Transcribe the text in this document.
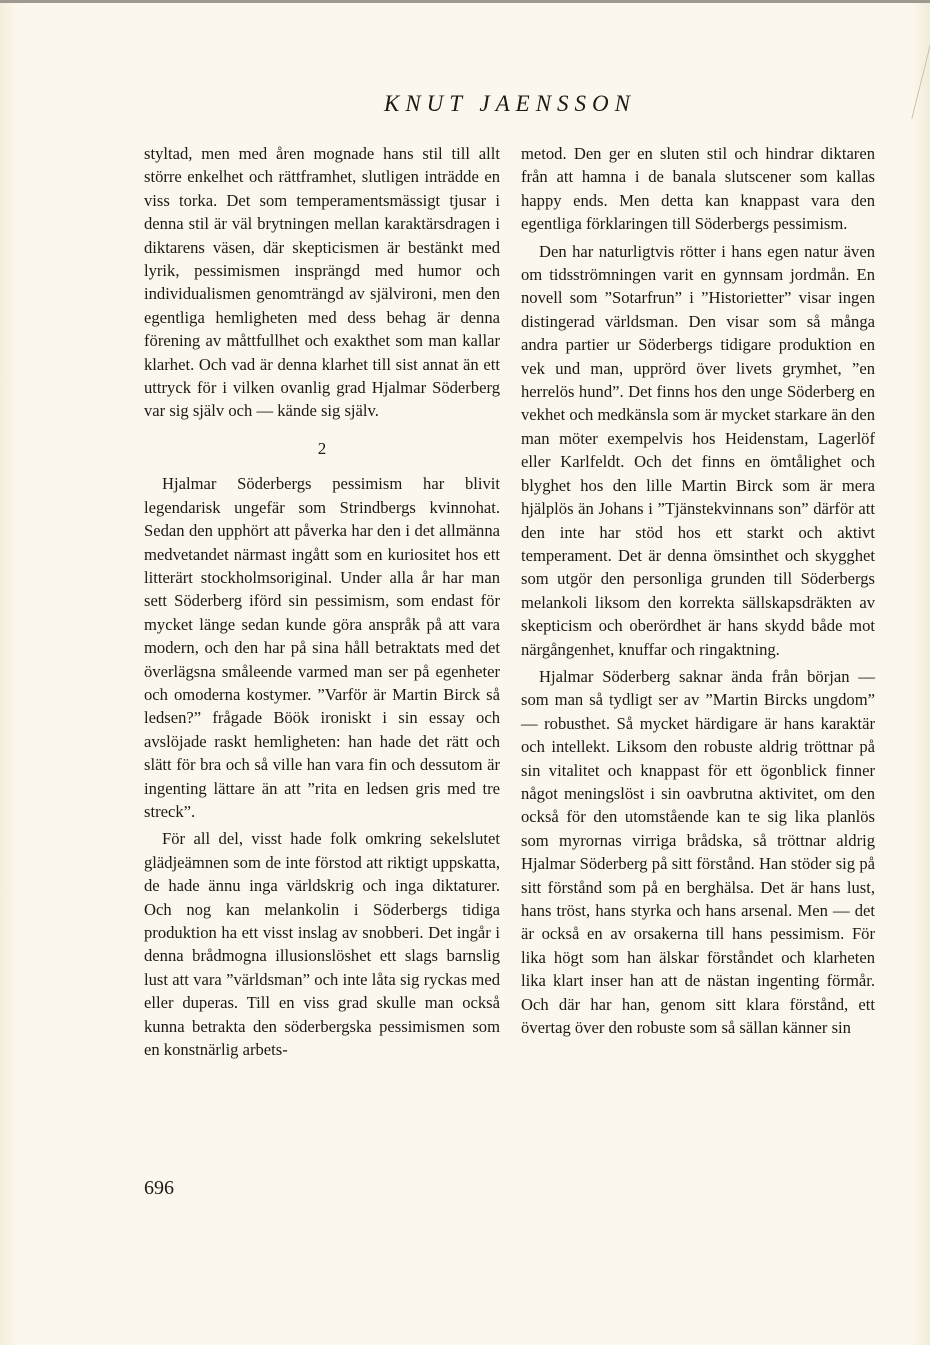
KNUT JAENSSON

styltad, men med åren mognade hans stil till allt större enkelhet och rättframhet, slutligen inträdde en viss torka. Det som temperamentsmässigt tjusar i denna stil är väl brytningen mellan karaktärsdragen i diktarens väsen, där skepticismen är bestänkt med lyrik, pessimismen insprängd med humor och individualismen genomträngd av självironi, men den egentliga hemligheten med dess behag är denna förening av måttfullhet och exakthet som man kallar klarhet. Och vad är denna klarhet till sist annat än ett uttryck för i vilken ovanlig grad Hjalmar Söderberg var sig själv och — kände sig själv.

2

Hjalmar Söderbergs pessimism har blivit legendarisk ungefär som Strindbergs kvinnohat. Sedan den upphört att påverka har den i det allmänna medvetandet närmast ingått som en kuriositet hos ett litterärt stockholmsoriginal. Under alla år har man sett Söderberg iförd sin pessimism, som endast för mycket länge sedan kunde göra anspråk på att vara modern, och den har på sina håll betraktats med det överlägsna småleende varmed man ser på egenheter och omoderna kostymer. ”Varför är Martin Birck så ledsen?” frågade Böök ironiskt i sin essay och avslöjade raskt hemligheten: han hade det rätt och slätt för bra och så ville han vara fin och dessutom är ingenting lättare än att ”rita en ledsen gris med tre streck”.

För all del, visst hade folk omkring sekelslutet glädjeämnen som de inte förstod att riktigt uppskatta, de hade ännu inga världskrig och inga diktaturer. Och nog kan melankolin i Söderbergs tidiga produktion ha ett visst inslag av snobberi. Det ingår i denna brådmogna illusionslöshet ett slags barnslig lust att vara ”världsman” och inte låta sig ryckas med eller duperas. Till en viss grad skulle man också kunna betrakta den söderbergska pessimismen som en konstnärlig arbets-

metod. Den ger en sluten stil och hindrar diktaren från att hamna i de banala slutscener som kallas happy ends. Men detta kan knappast vara den egentliga förklaringen till Söderbergs pessimism.

Den har naturligtvis rötter i hans egen natur även om tidsströmningen varit en gynnsam jordmån. En novell som ”Sotarfrun” i ”Historietter” visar ingen distingerad världsman. Den visar som så många andra partier ur Söderbergs tidigare produktion en vek und man, upprörd över livets grymhet, ”en herrelös hund”. Det finns hos den unge Söderberg en vekhet och medkänsla som är mycket starkare än den man möter exempelvis hos Heidenstam, Lagerlöf eller Karlfeldt. Och det finns en ömtålighet och blyghet hos den lille Martin Birck som är mera hjälplös än Johans i ”Tjänstekvinnans son” därför att den inte har stöd hos ett starkt och aktivt temperament. Det är denna ömsinthet och skygghet som utgör den personliga grunden till Söderbergs melankoli liksom den korrekta sällskapsdräkten av skepticism och oberördhet är hans skydd både mot närgångenhet, knuffar och ringaktning.

Hjalmar Söderberg saknar ända från början — som man så tydligt ser av ”Martin Bircks ungdom” — robusthet. Så mycket härdigare är hans karaktär och intellekt. Liksom den robuste aldrig tröttnar på sin vitalitet och knappast för ett ögonblick finner något meningslöst i sin oavbrutna aktivitet, om den också för den utomstående kan te sig lika planlös som myrornas virriga brådska, så tröttnar aldrig Hjalmar Söderberg på sitt förstånd. Han stöder sig på sitt förstånd som på en berghälsa. Det är hans lust, hans tröst, hans styrka och hans arsenal. Men — det är också en av orsakerna till hans pessimism. För lika högt som han älskar förståndet och klarheten lika klart inser han att de nästan ingenting förmår. Och där har han, genom sitt klara förstånd, ett övertag över den robuste som så sällan känner sin

696
